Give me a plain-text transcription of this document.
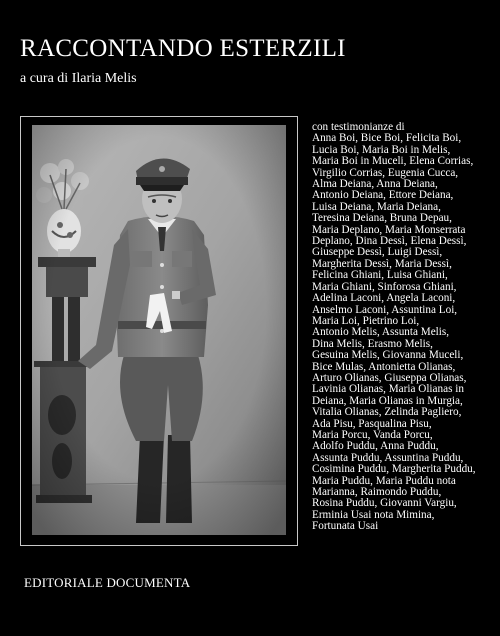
RACCONTANDO ESTERZILI
a cura di Ilaria Melis
con testimonianze di
Anna Boi, Bice Boi, Felicita Boi,
Lucia Boi, Maria Boi in Melis,
Maria Boi in Muceli, Elena Corrias,
Virgilio Corrias, Eugenia Cucca,
Alma Deiana, Anna Deiana,
Antonio Deiana, Ettore Deiana,
Luisa Deiana, Maria Deiana,
Teresina Deiana, Bruna Depau,
Maria Deplano, Maria Monserrata
Deplano, Dina Dessì, Elena Dessì,
Giuseppe Dessì, Luigi Dessì,
Margherita Dessì, Maria Dessì,
Felicina Ghiani, Luisa Ghiani,
Maria Ghiani, Sinforosa Ghiani,
Adelina Laconi, Angela Laconi,
Anselmo Laconi, Assuntina Loi,
Maria Loi, Pietrino Loi,
Antonio Melis, Assunta Melis,
Dina Melis, Erasmo Melis,
Gesuina Melis, Giovanna Muceli,
Bice Mulas, Antonietta Olianas,
Arturo Olianas, Giuseppa Olianas,
Lavinia Olianas, Maria Olianas in
Deiana, Maria Olianas in Murgia,
Vitalia Olianas, Zelinda Pagliero,
Ada Pisu, Pasqualina Pisu,
Maria Porcu, Vanda Porcu,
Adolfo Puddu, Anna Puddu,
Assunta Puddu, Assuntina Puddu,
Cosimina Puddu, Margherita Puddu,
Maria Puddu, Maria Puddu nota
Marianna, Raimondo Puddu,
Rosina Puddu, Giovanni Vargiu,
Erminia Usai nota Mimina,
Fortunata Usai
EDITORIALE DOCUMENTA
